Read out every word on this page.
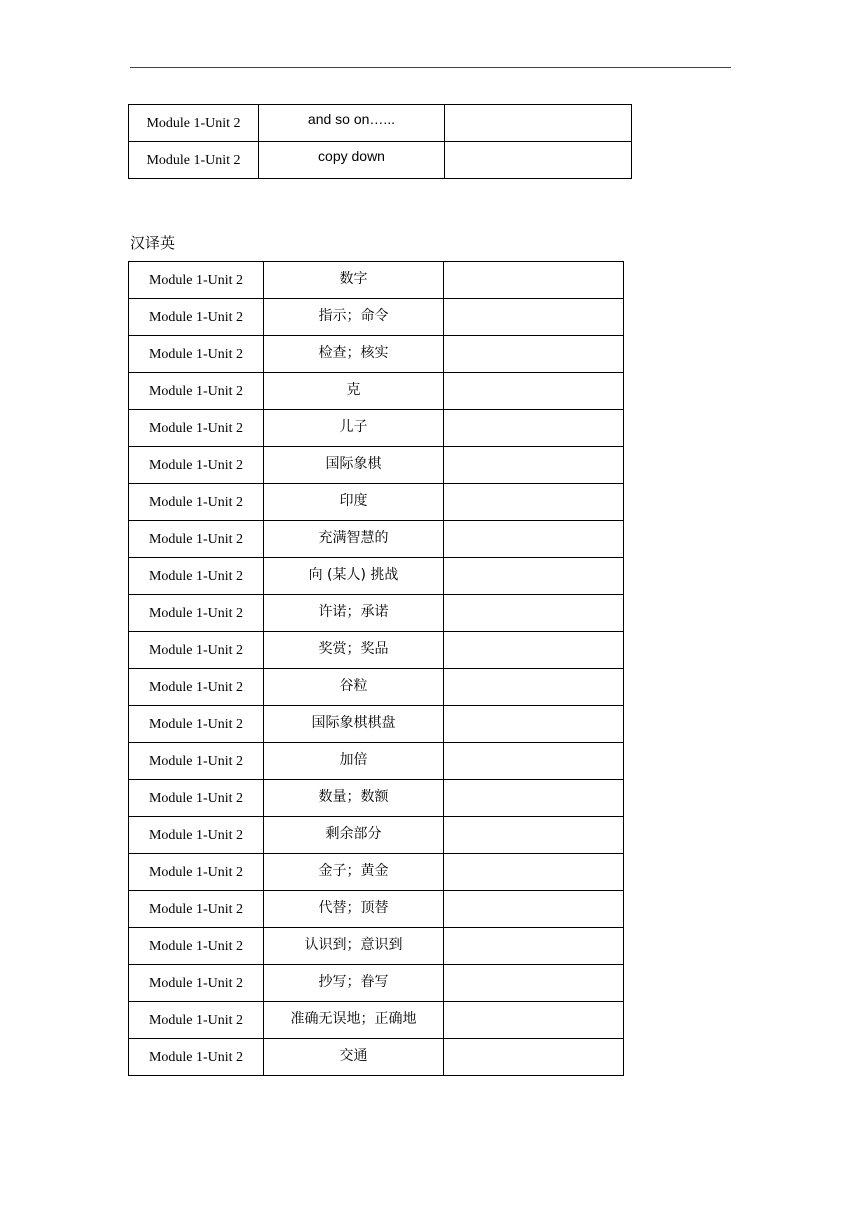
Module 1-Unit 2	and so on…...	
Module 1-Unit 2	copy down	
汉译英
Module 1-Unit 2	数字	
Module 1-Unit 2	指示；命令	
Module 1-Unit 2	检查；核实	
Module 1-Unit 2	克	
Module 1-Unit 2	儿子	
Module 1-Unit 2	国际象棋	
Module 1-Unit 2	印度	
Module 1-Unit 2	充满智慧的	
Module 1-Unit 2	向 (某人) 挑战	
Module 1-Unit 2	许诺；承诺	
Module 1-Unit 2	奖赏；奖品	
Module 1-Unit 2	谷粒	
Module 1-Unit 2	国际象棋棋盘	
Module 1-Unit 2	加倍	
Module 1-Unit 2	数量；数额	
Module 1-Unit 2	剩余部分	
Module 1-Unit 2	金子；黄金	
Module 1-Unit 2	代替；顶替	
Module 1-Unit 2	认识到；意识到	
Module 1-Unit 2	抄写；眷写	
Module 1-Unit 2	准确无误地；正确地	
Module 1-Unit 2	交通	
